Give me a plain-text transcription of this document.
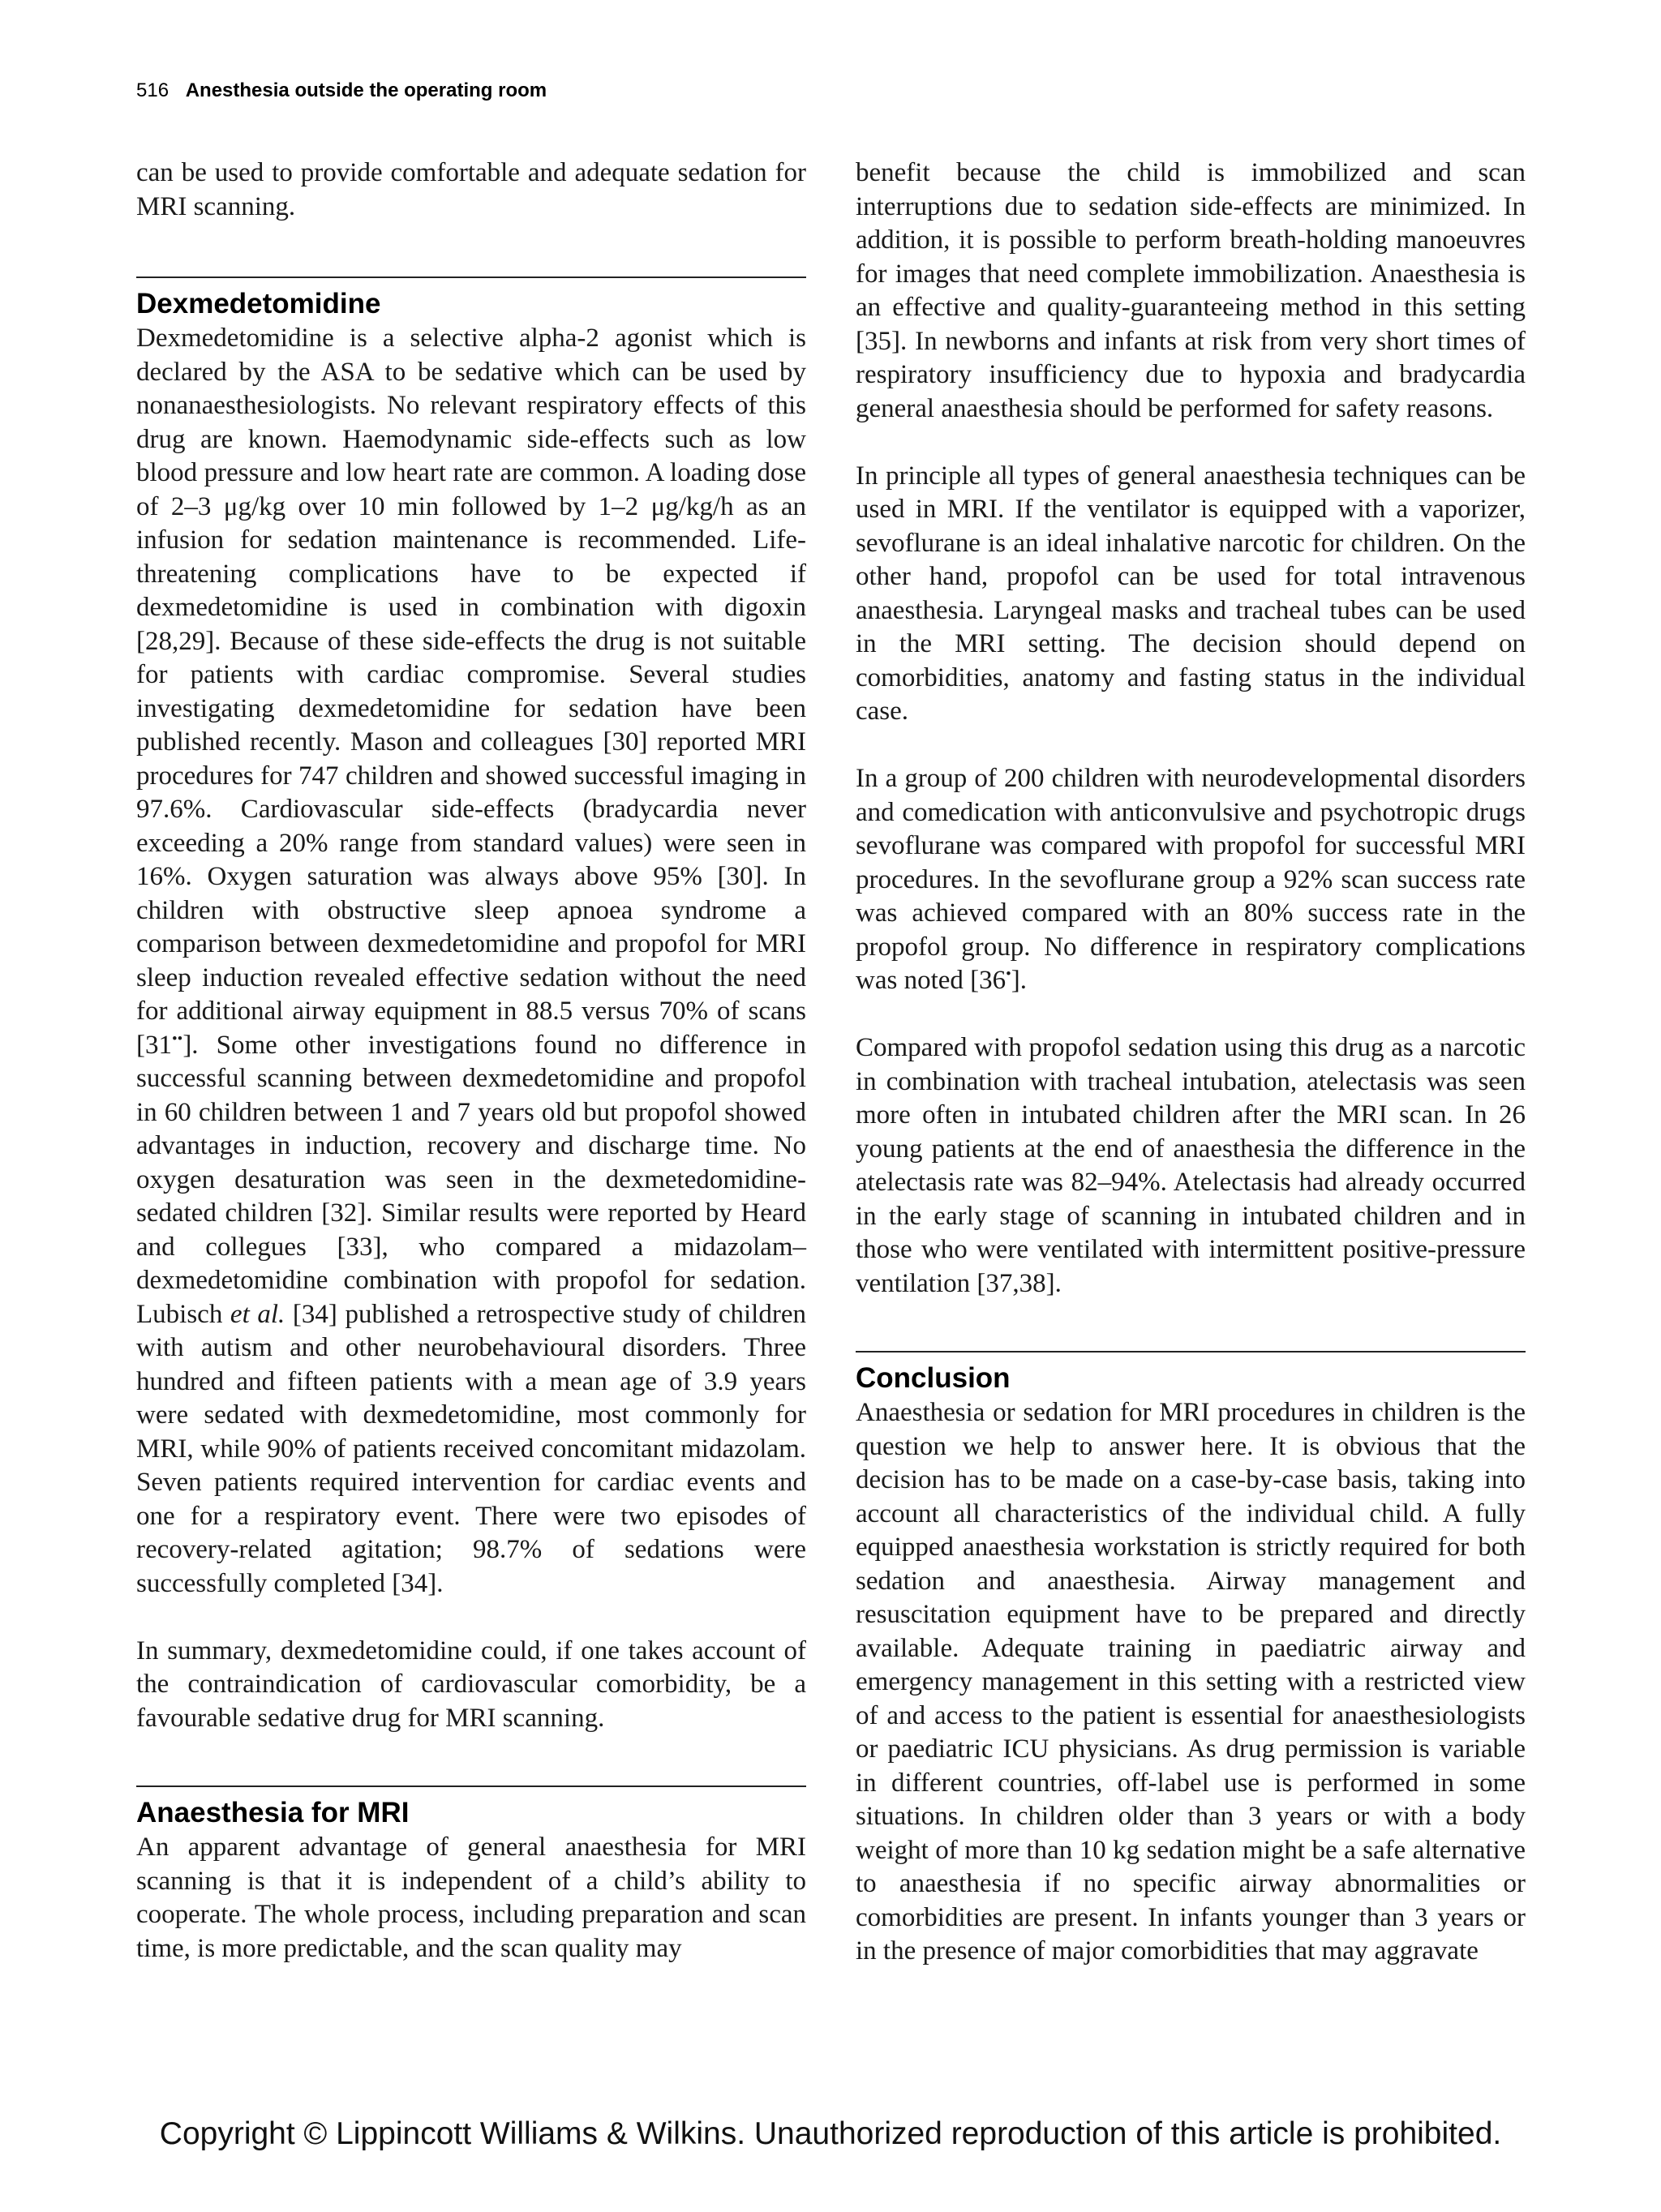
516 Anesthesia outside the operating room

can be used to provide comfortable and adequate sedation for MRI scanning.

Dexmedetomidine

Dexmedetomidine is a selective alpha-2 agonist which is declared by the ASA to be sedative which can be used by nonanaesthesiologists. No relevant respiratory effects of this drug are known. Haemodynamic side-effects such as low blood pressure and low heart rate are common. A loading dose of 2–3 μg/kg over 10 min followed by 1–2 μg/kg/h as an infusion for sedation maintenance is recommended. Life-threatening complications have to be expected if dexmedetomidine is used in combination with digoxin [28,29]. Because of these side-effects the drug is not suitable for patients with cardiac compromise. Several studies investigating dexmedetomidine for sedation have been published recently. Mason and colleagues [30] reported MRI procedures for 747 children and showed successful imaging in 97.6%. Cardiovascular side-effects (bradycardia never exceeding a 20% range from standard values) were seen in 16%. Oxygen saturation was always above 95% [30]. In children with obstructive sleep apnoea syndrome a comparison between dexmedetomidine and propofol for MRI sleep induction revealed effective sedation without the need for additional airway equipment in 88.5 versus 70% of scans [31••]. Some other investigations found no difference in successful scanning between dexmedetomidine and propofol in 60 children between 1 and 7 years old but propofol showed advantages in induction, recovery and discharge time. No oxygen desaturation was seen in the dexmetedomidine-sedated children [32]. Similar results were reported by Heard and collegues [33], who compared a midazolam–dexmedetomidine combination with propofol for sedation. Lubisch et al. [34] published a retrospective study of children with autism and other neurobehavioural disorders. Three hundred and fifteen patients with a mean age of 3.9 years were sedated with dexmedetomidine, most commonly for MRI, while 90% of patients received concomitant midazolam. Seven patients required intervention for cardiac events and one for a respiratory event. There were two episodes of recovery-related agitation; 98.7% of sedations were successfully completed [34].

In summary, dexmedetomidine could, if one takes account of the contraindication of cardiovascular comorbidity, be a favourable sedative drug for MRI scanning.

Anaesthesia for MRI

An apparent advantage of general anaesthesia for MRI scanning is that it is independent of a child’s ability to cooperate. The whole process, including preparation and scan time, is more predictable, and the scan quality may

benefit because the child is immobilized and scan interruptions due to sedation side-effects are minimized. In addition, it is possible to perform breath-holding manoeuvres for images that need complete immobilization. Anaesthesia is an effective and quality-guaranteeing method in this setting [35]. In newborns and infants at risk from very short times of respiratory insufficiency due to hypoxia and bradycardia general anaesthesia should be performed for safety reasons.

In principle all types of general anaesthesia techniques can be used in MRI. If the ventilator is equipped with a vaporizer, sevoflurane is an ideal inhalative narcotic for children. On the other hand, propofol can be used for total intravenous anaesthesia. Laryngeal masks and tracheal tubes can be used in the MRI setting. The decision should depend on comorbidities, anatomy and fasting status in the individual case.

In a group of 200 children with neurodevelopmental disorders and comedication with anticonvulsive and psychotropic drugs sevoflurane was compared with propofol for successful MRI procedures. In the sevoflurane group a 92% scan success rate was achieved compared with an 80% success rate in the propofol group. No difference in respiratory complications was noted [36•].

Compared with propofol sedation using this drug as a narcotic in combination with tracheal intubation, atelectasis was seen more often in intubated children after the MRI scan. In 26 young patients at the end of anaesthesia the difference in the atelectasis rate was 82–94%. Atelectasis had already occurred in the early stage of scanning in intubated children and in those who were ventilated with intermittent positive-pressure ventilation [37,38].

Conclusion

Anaesthesia or sedation for MRI procedures in children is the question we help to answer here. It is obvious that the decision has to be made on a case-by-case basis, taking into account all characteristics of the individual child. A fully equipped anaesthesia workstation is strictly required for both sedation and anaesthesia. Airway management and resuscitation equipment have to be prepared and directly available. Adequate training in paediatric airway and emergency management in this setting with a restricted view of and access to the patient is essential for anaesthesiologists or paediatric ICU physicians. As drug permission is variable in different countries, off-label use is performed in some situations. In children older than 3 years or with a body weight of more than 10 kg sedation might be a safe alternative to anaesthesia if no specific airway abnormalities or comorbidities are present. In infants younger than 3 years or in the presence of major comorbidities that may aggravate

Copyright © Lippincott Williams & Wilkins. Unauthorized reproduction of this article is prohibited.
